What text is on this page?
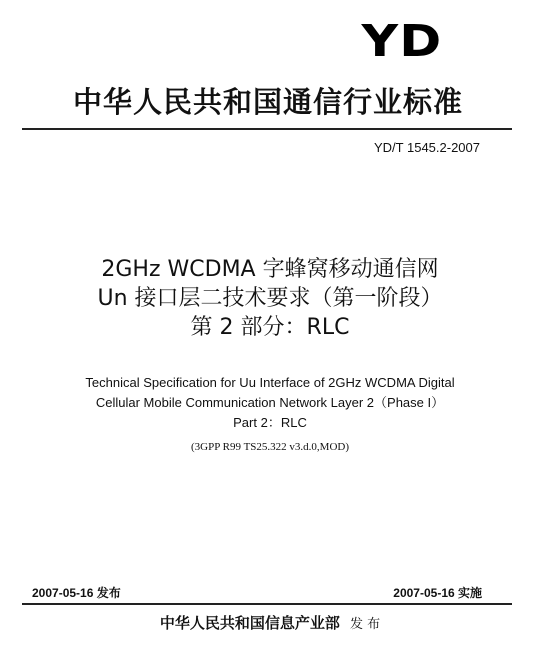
YD
中华人民共和国通信行业标准
YD/T 1545.2-2007
2GHz WCDMA 字蜂窝移动通信网
Un 接口层二技术要求（第一阶段）
第 2 部分：RLC
Technical Specification for Uu Interface of 2GHz WCDMA Digital
Cellular Mobile Communication Network Layer 2（Phase I）
Part 2：RLC
(3GPP R99 TS25.322 v3.d.0,MOD)
2007-05-16 发布	2007-05-16 实施
中华人民共和国信息产业部 发 布
